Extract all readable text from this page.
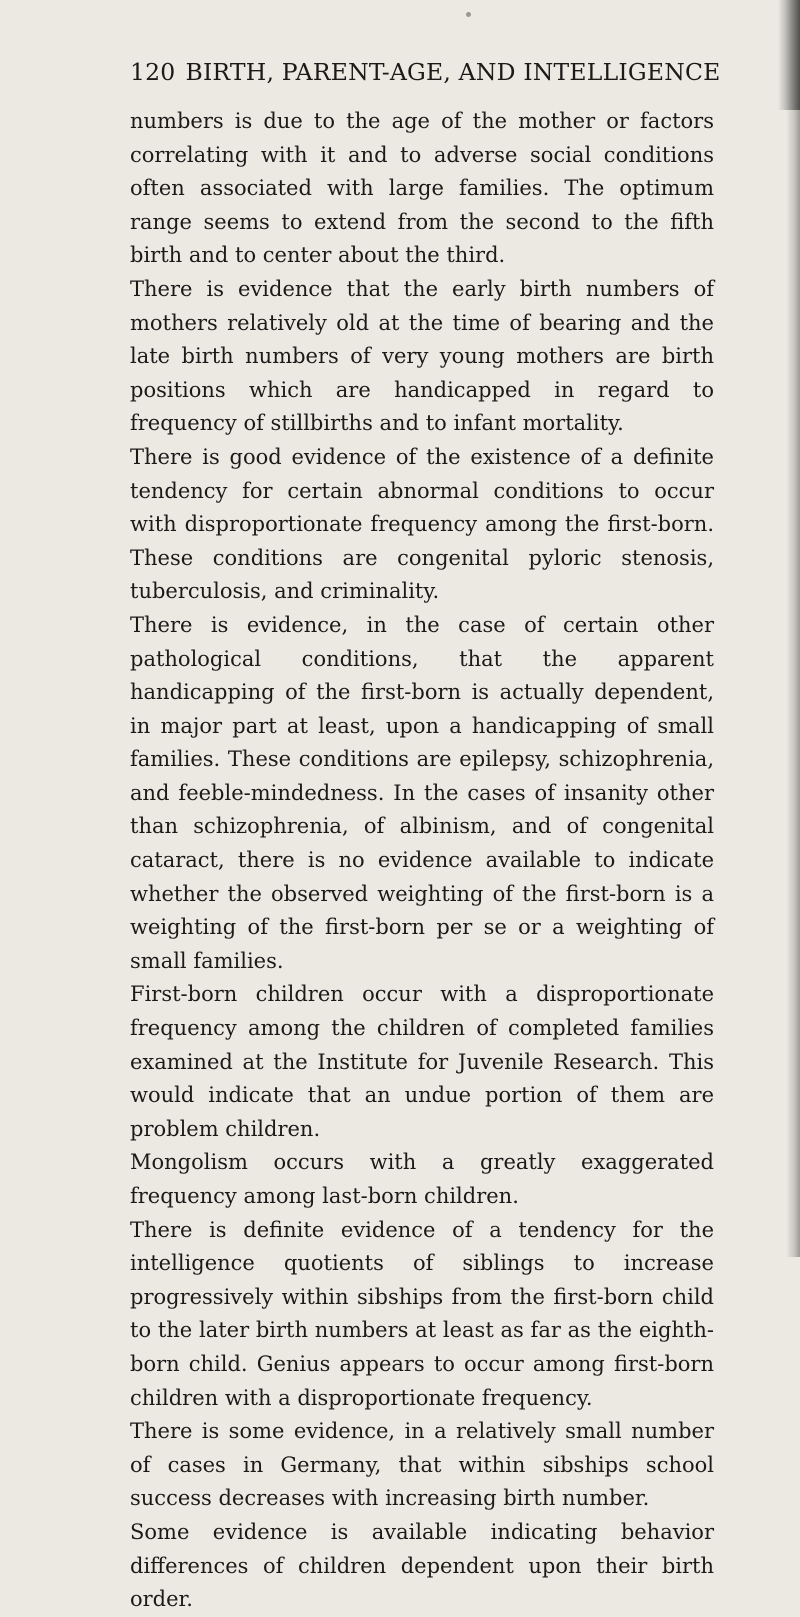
120 BIRTH, PARENT-AGE, AND INTELLIGENCE

numbers is due to the age of the mother or factors correlating with it and to adverse social conditions often associated with large families. The optimum range seems to extend from the second to the fifth birth and to center about the third.

There is evidence that the early birth numbers of mothers relatively old at the time of bearing and the late birth numbers of very young mothers are birth positions which are handicapped in regard to frequency of stillbirths and to infant mortality.

There is good evidence of the existence of a definite tendency for certain abnormal conditions to occur with disproportionate frequency among the first-born. These conditions are congenital pyloric stenosis, tuberculosis, and criminality.

There is evidence, in the case of certain other pathological conditions, that the apparent handicapping of the first-born is actually dependent, in major part at least, upon a handicapping of small families. These conditions are epilepsy, schizophrenia, and feeble-mindedness. In the cases of insanity other than schizophrenia, of albinism, and of congenital cataract, there is no evidence available to indicate whether the observed weighting of the first-born is a weighting of the first-born per se or a weighting of small families.

First-born children occur with a disproportionate frequency among the children of completed families examined at the Institute for Juvenile Research. This would indicate that an undue portion of them are problem children.

Mongolism occurs with a greatly exaggerated frequency among last-born children.

There is definite evidence of a tendency for the intelligence quotients of siblings to increase progressively within sibships from the first-born child to the later birth numbers at least as far as the eighth-born child. Genius appears to occur among first-born children with a disproportionate frequency.

There is some evidence, in a relatively small number of cases in Germany, that within sibships school success decreases with increasing birth number.

Some evidence is available indicating behavior differences of children dependent upon their birth order.
